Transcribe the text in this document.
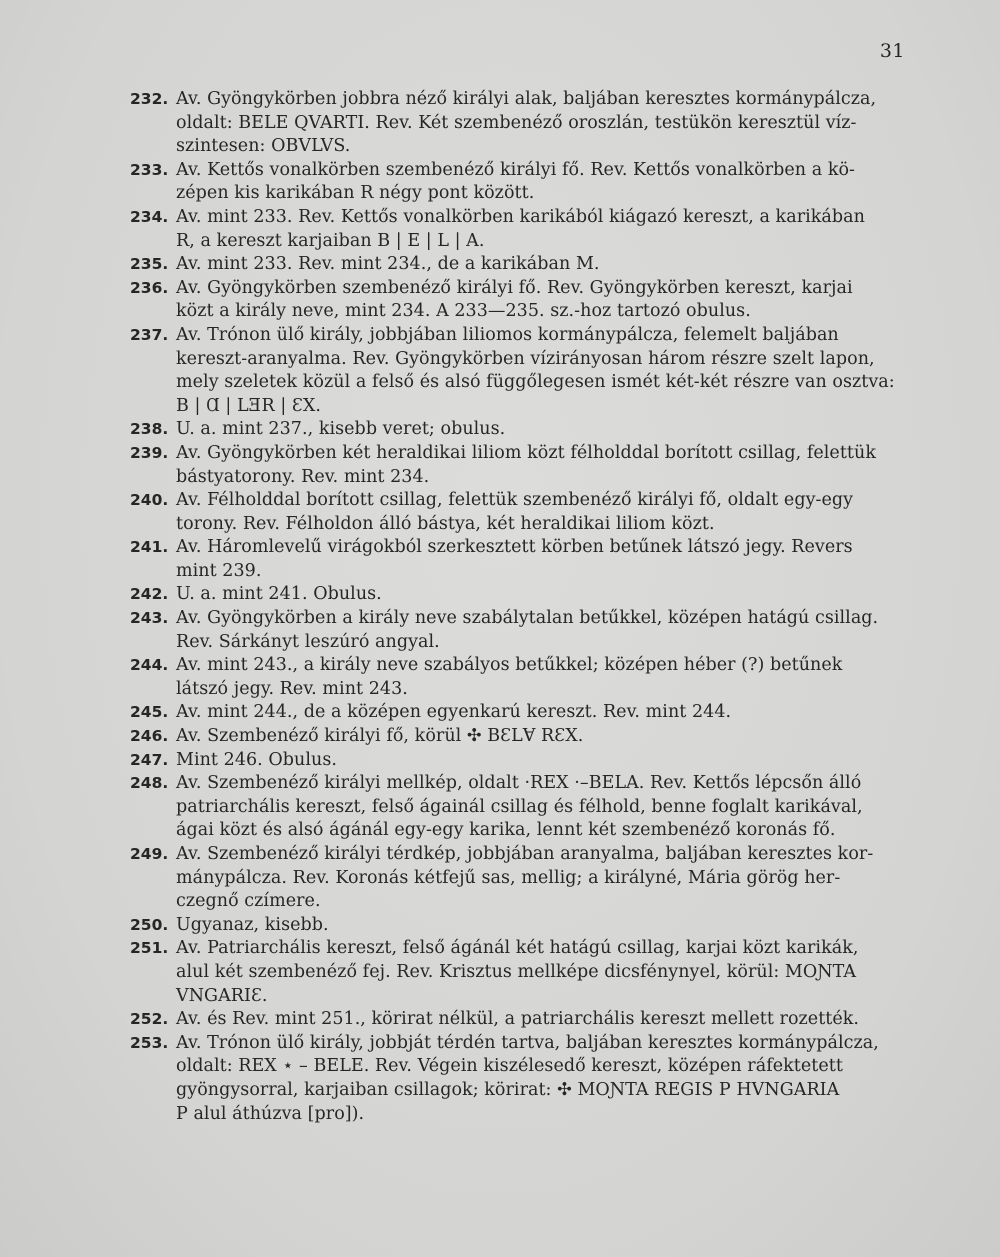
31
232. Av. Gyöngykörben jobbra néző királyi alak, baljában keresztes kormánypálcza,
oldalt: BELE QVARTI. Rev. Két szembenéző oroszlán, testükön keresztül víz-
szintesen: OBVLVS.
233. Av. Kettős vonalkörben szembenéző királyi fő. Rev. Kettős vonalkörben a kö-
zépen kis karikában R négy pont között.
234. Av. mint 233. Rev. Kettős vonalkörben karikából kiágazó kereszt, a karikában
R, a kereszt karjaiban B | E | L | A.
235. Av. mint 233. Rev. mint 234., de a karikában M.
236. Av. Gyöngykörben szembenéző királyi fő. Rev. Gyöngykörben kereszt, karjai
közt a király neve, mint 234. A 233—235. sz.-hoz tartozó obulus.
237. Av. Trónon ülő király, jobbjában liliomos kormánypálcza, felemelt baljában
kereszt-aranyalma. Rev. Gyöngykörben vízirányosan három részre szelt lapon,
mely szeletek közül a felső és alsó függőlegesen ismét két-két részre van osztva:
B | Ɑ | LƎR | ƐX.
238. U. a. mint 237., kisebb veret; obulus.
239. Av. Gyöngykörben két heraldikai liliom közt félholddal borított csillag, felettük
bástyatorony. Rev. mint 234.
240. Av. Félholddal borított csillag, felettük szembenéző királyi fő, oldalt egy-egy
torony. Rev. Félholdon álló bástya, két heraldikai liliom közt.
241. Av. Háromlevelű virágokból szerkesztett körben betűnek látszó jegy. Revers
mint 239.
242. U. a. mint 241. Obulus.
243. Av. Gyöngykörben a király neve szabálytalan betűkkel, középen hatágú csillag.
Rev. Sárkányt leszúró angyal.
244. Av. mint 243., a király neve szabályos betűkkel; középen héber (?) betűnek
látszó jegy. Rev. mint 243.
245. Av. mint 244., de a középen egyenkarú kereszt. Rev. mint 244.
246. Av. Szembenéző királyi fő, körül ✣ BƐLⱯ RƐX.
247. Mint 246. Obulus.
248. Av. Szembenéző királyi mellkép, oldalt ·REX ·–BELA. Rev. Kettős lépcsőn álló
patriarchális kereszt, felső ágainál csillag és félhold, benne foglalt karikával,
ágai közt és alsó ágánál egy-egy karika, lennt két szembenéző koronás fő.
249. Av. Szembenéző királyi térdkép, jobbjában aranyalma, baljában keresztes kor-
mánypálcza. Rev. Koronás kétfejű sas, mellig; a királyné, Mária görög her-
czegnő czímere.
250. Ugyanaz, kisebb.
251. Av. Patriarchális kereszt, felső ágánál két hatágú csillag, karjai közt karikák,
alul két szembenéző fej. Rev. Krisztus mellképe dicsfénynyel, körül: MOƝTA
VNGARIƐ.
252. Av. és Rev. mint 251., körirat nélkül, a patriarchális kereszt mellett rozették.
253. Av. Trónon ülő király, jobbját térdén tartva, baljában keresztes kormánypálcza,
oldalt: REX ⋆ – BELE. Rev. Végein kiszélesedő kereszt, középen ráfektetett
gyöngysorral, karjaiban csillagok; körirat: ✣ MOƝTA REGIS P HVNGARIA
P alul áthúzva [pro]).
